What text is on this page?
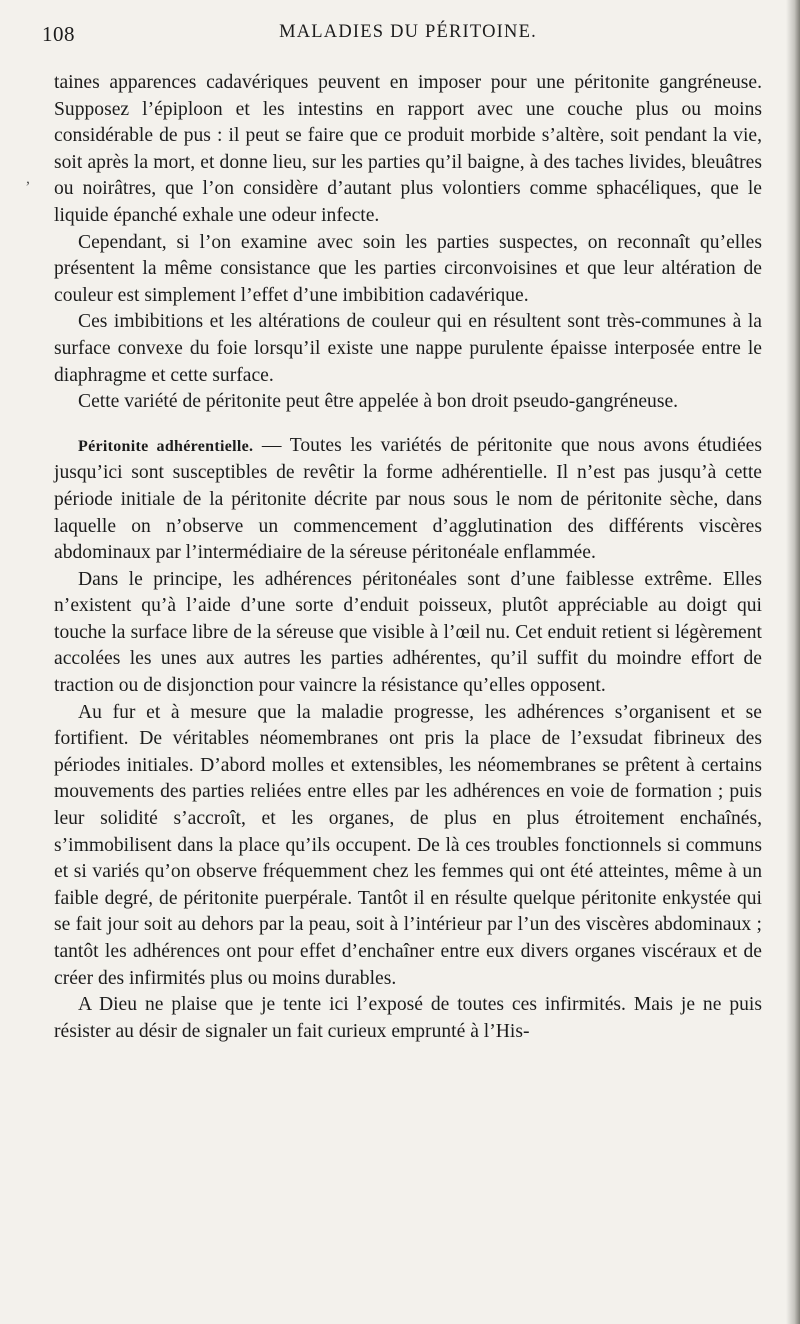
108	MALADIES DU PÉRITOINE.

taines apparences cadavériques peuvent en imposer pour une péritonite gangréneuse. Supposez l’épiploon et les intestins en rapport avec une couche plus ou moins considérable de pus : il peut se faire que ce produit morbide s’altère, soit pendant la vie, soit après la mort, et donne lieu, sur les parties qu’il baigne, à des taches livides, bleuâtres ou noirâtres, que l’on considère d’autant plus volontiers comme sphacéliques, que le liquide épanché exhale une odeur infecte.

Cependant, si l’on examine avec soin les parties suspectes, on reconnaît qu’elles présentent la même consistance que les parties circonvoisines et que leur altération de couleur est simplement l’effet d’une imbibition cadavérique.

Ces imbibitions et les altérations de couleur qui en résultent sont très-communes à la surface convexe du foie lorsqu’il existe une nappe purulente épaisse interposée entre le diaphragme et cette surface.

Cette variété de péritonite peut être appelée à bon droit pseudo-gangréneuse.

Péritonite adhérentielle. — Toutes les variétés de péritonite que nous avons étudiées jusqu’ici sont susceptibles de revêtir la forme adhérentielle. Il n’est pas jusqu’à cette période initiale de la péritonite décrite par nous sous le nom de péritonite sèche, dans laquelle on n’observe un commencement d’agglutination des différents viscères abdominaux par l’intermédiaire de la séreuse péritonéale enflammée.

Dans le principe, les adhérences péritonéales sont d’une faiblesse extrême. Elles n’existent qu’à l’aide d’une sorte d’enduit poisseux, plutôt appréciable au doigt qui touche la surface libre de la séreuse que visible à l’œil nu. Cet enduit retient si légèrement accolées les unes aux autres les parties adhérentes, qu’il suffit du moindre effort de traction ou de disjonction pour vaincre la résistance qu’elles opposent.

Au fur et à mesure que la maladie progresse, les adhérences s’organisent et se fortifient. De véritables néomembranes ont pris la place de l’exsudat fibrineux des périodes initiales. D’abord molles et extensibles, les néomembranes se prêtent à certains mouvements des parties reliées entre elles par les adhérences en voie de formation ; puis leur solidité s’accroît, et les organes, de plus en plus étroitement enchaînés, s’immobilisent dans la place qu’ils occupent. De là ces troubles fonctionnels si communs et si variés qu’on observe fréquemment chez les femmes qui ont été atteintes, même à un faible degré, de péritonite puerpérale. Tantôt il en résulte quelque péritonite enkystée qui se fait jour soit au dehors par la peau, soit à l’intérieur par l’un des viscères abdominaux ; tantôt les adhérences ont pour effet d’enchaîner entre eux divers organes viscéraux et de créer des infirmités plus ou moins durables.

A Dieu ne plaise que je tente ici l’exposé de toutes ces infirmités. Mais je ne puis résister au désir de signaler un fait curieux emprunté à l’His-

,
